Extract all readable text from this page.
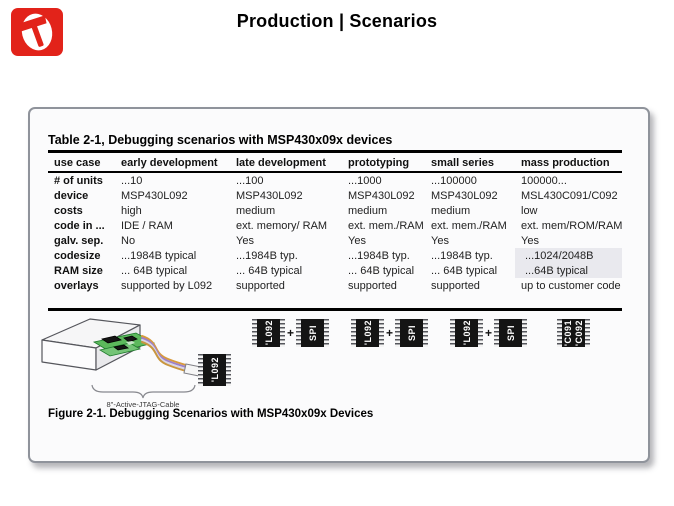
Production | Scenarios
Table 2-1, Debugging scenarios with MSP430x09x devices
use case	early development	late development	prototyping	small series	mass production
# of units	...10	...100	...1000	...100000	100000...
device	MSP430L092	MSP430L092	MSP430L092	MSP430L092	MSL430C091/C092
costs	high	medium	medium	medium	low
code in ...	IDE / RAM	ext. memory/ RAM	ext. mem./RAM	ext. mem./RAM	ext. mem/ROM/RAM
galv. sep.	No	Yes	Yes	Yes	Yes
codesize	...1984B typical	...1984B typ.	...1984B typ.	...1984B typ.	...1024/2048B
RAM size	... 64B typical	... 64B typical	... 64B typical	... 64B typical	...64B typical
overlays	supported by L092	supported	supported	supported	up to customer code
8"-Active-JTAG-Cable
'L092
'L092 + SPI	'L092 + SPI	'L092 + SPI	'C091 'C092
Figure 2-1. Debugging Scenarios with MSP430x09x Devices
